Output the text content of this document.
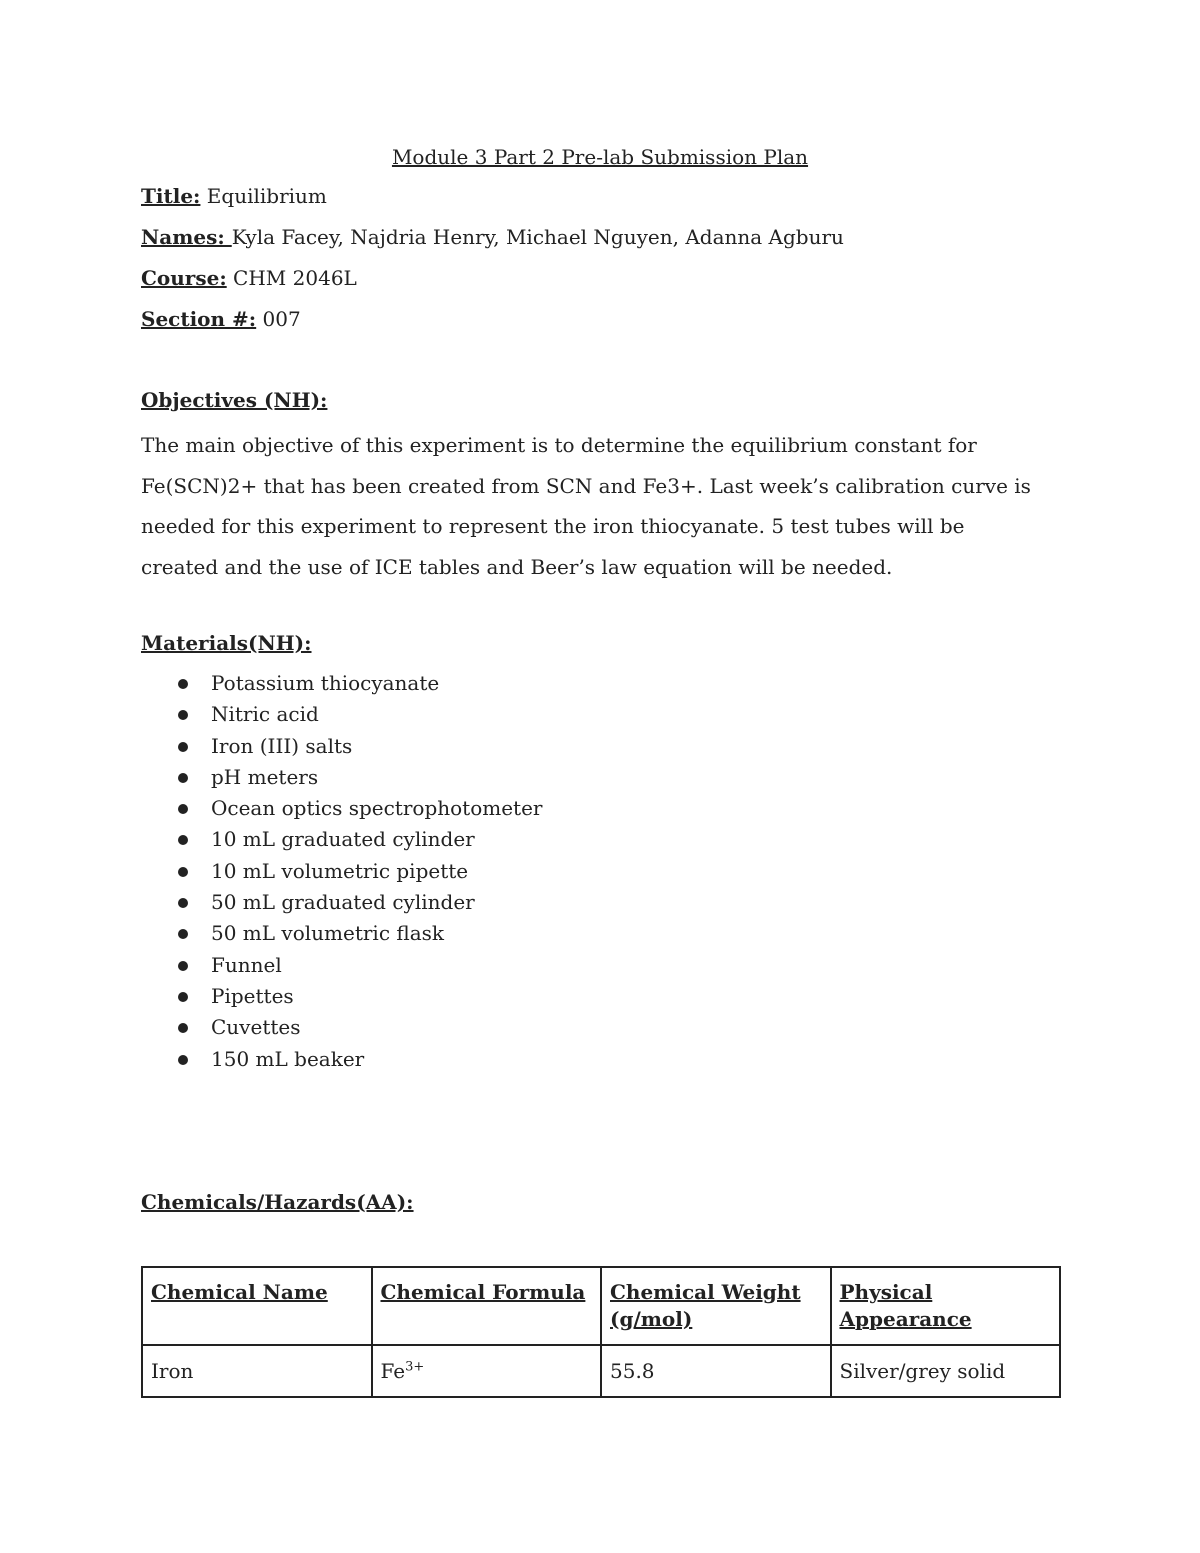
Module 3 Part 2 Pre-lab Submission Plan
Title: Equilibrium
Names: Kyla Facey, Najdria Henry, Michael Nguyen, Adanna Agburu
Course: CHM 2046L
Section #: 007
Objectives (NH):
The main objective of this experiment is to determine the equilibrium constant for Fe(SCN)2+ that has been created from SCN and Fe3+. Last week’s calibration curve is needed for this experiment to represent the iron thiocyanate. 5 test tubes will be created and the use of ICE tables and Beer’s law equation will be needed.
Materials(NH):
Potassium thiocyanate
Nitric acid
Iron (III) salts
pH meters
Ocean optics spectrophotometer
10 mL graduated cylinder
10 mL volumetric pipette
50 mL graduated cylinder
50 mL volumetric flask
Funnel
Pipettes
Cuvettes
150 mL beaker
Chemicals/Hazards(AA):
Chemical Name	Chemical Formula	Chemical Weight (g/mol)	Physical Appearance
Iron	$Fe^{3+}$	55.8	Silver/grey solid
